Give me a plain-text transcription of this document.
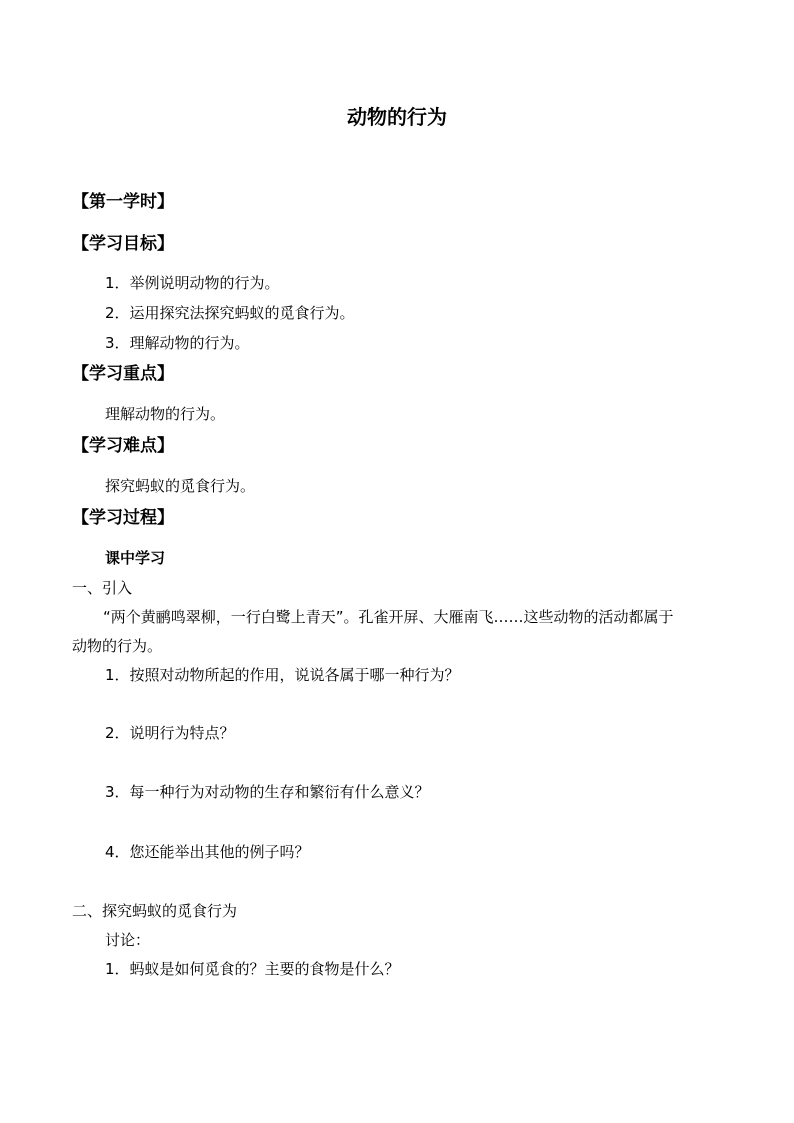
动物的行为
【第一学时】
【学习目标】
1．举例说明动物的行为。
2．运用探究法探究蚂蚁的觅食行为。
3．理解动物的行为。
【学习重点】
理解动物的行为。
【学习难点】
探究蚂蚁的觅食行为。
【学习过程】
课中学习
一、引入
“两个黄鹂鸣翠柳，一行白鹭上青天”。孔雀开屏、大雁南飞……这些动物的活动都属于
动物的行为。
1．按照对动物所起的作用，说说各属于哪一种行为？
2．说明行为特点？
3．每一种行为对动物的生存和繁衍有什么意义？
4．您还能举出其他的例子吗？
二、探究蚂蚁的觅食行为
讨论：
1．蚂蚁是如何觅食的？主要的食物是什么？
